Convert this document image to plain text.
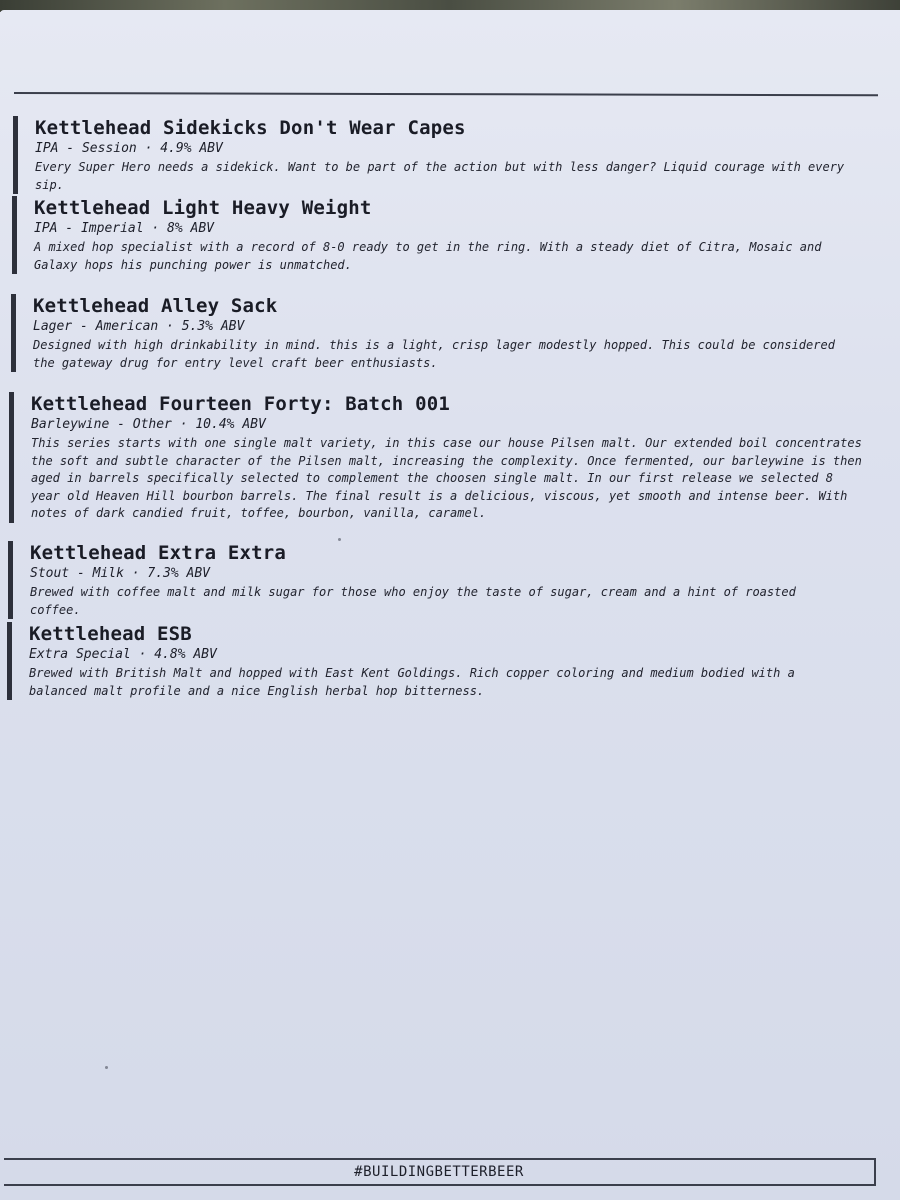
Kettlehead Sidekicks Don't Wear Capes
IPA - Session · 4.9% ABV
Every Super Hero needs a sidekick. Want to be part of the action but with less danger? Liquid courage with every sip.
Kettlehead Light Heavy Weight
IPA - Imperial · 8% ABV
A mixed hop specialist with a record of 8-0 ready to get in the ring. With a steady diet of Citra, Mosaic and Galaxy hops his punching power is unmatched.
Kettlehead Alley Sack
Lager - American · 5.3% ABV
Designed with high drinkability in mind. this is a light, crisp lager modestly hopped. This could be considered the gateway drug for entry level craft beer enthusiasts.
Kettlehead Fourteen Forty: Batch 001
Barleywine - Other · 10.4% ABV
This series starts with one single malt variety, in this case our house Pilsen malt. Our extended boil concentrates the soft and subtle character of the Pilsen malt, increasing the complexity. Once fermented, our barleywine is then aged in barrels specifically selected to complement the choosen single malt. In our first release we selected 8 year old Heaven Hill bourbon barrels. The final result is a delicious, viscous, yet smooth and intense beer. With notes of dark candied fruit, toffee, bourbon, vanilla, caramel.
Kettlehead Extra Extra
Stout - Milk · 7.3% ABV
Brewed with coffee malt and milk sugar for those who enjoy the taste of sugar, cream and a hint of roasted coffee.
Kettlehead ESB
Extra Special · 4.8% ABV
Brewed with British Malt and hopped with East Kent Goldings. Rich copper coloring and medium bodied with a balanced malt profile and a nice English herbal hop bitterness.
#BUILDINGBETTERBEER
